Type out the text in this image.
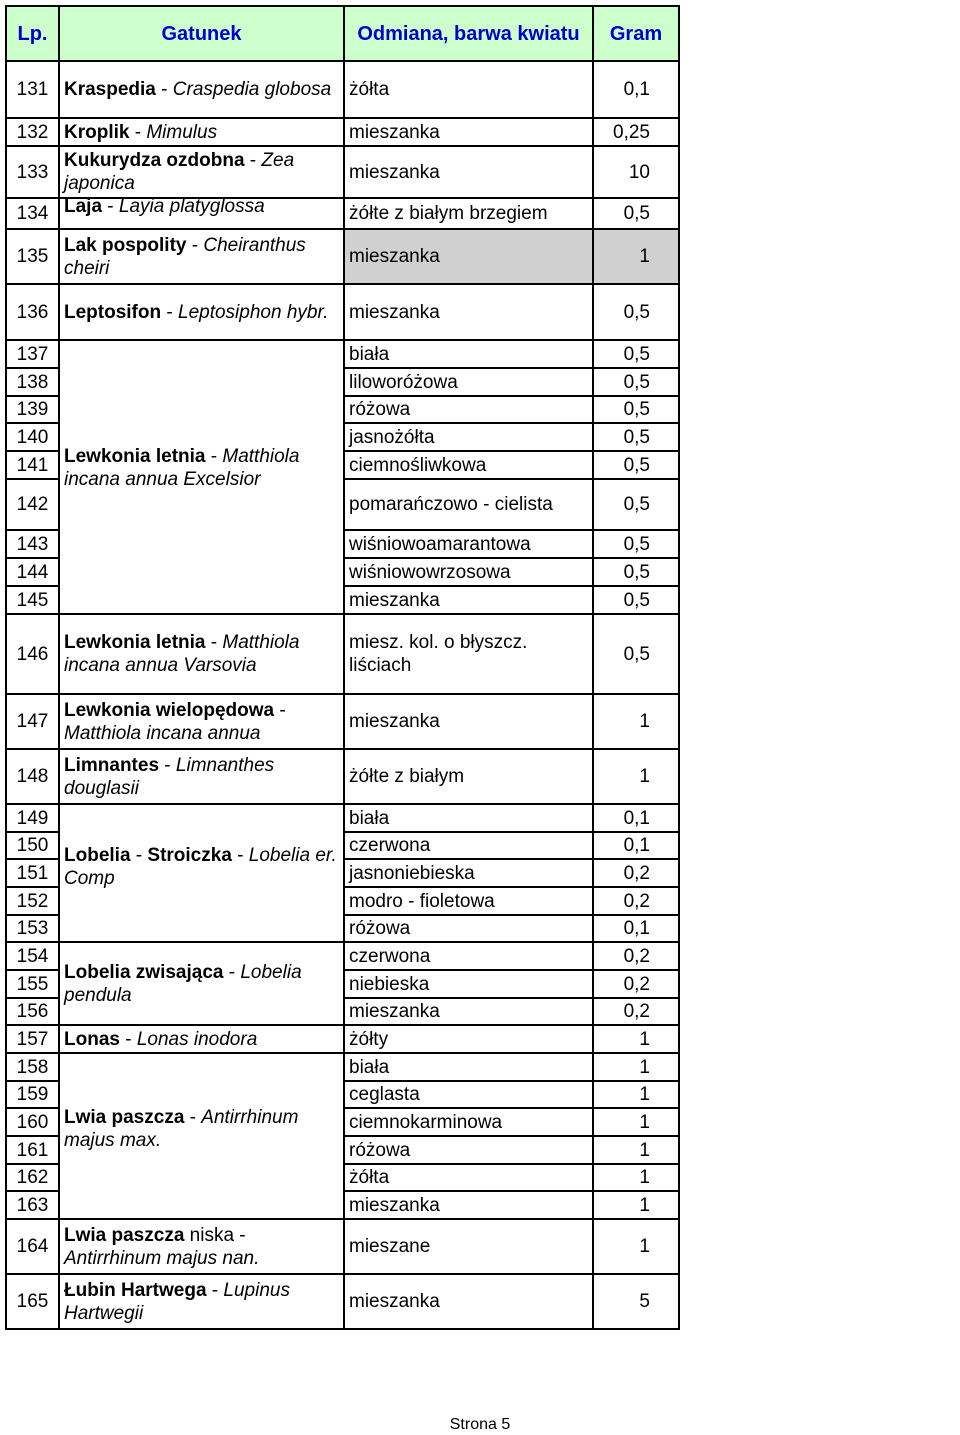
Lp.	Gatunek	Odmiana, barwa kwiatu	Gram
131	Kraspedia - Craspedia globosa	żółta	0,1
132	Kroplik - Mimulus	mieszanka	0,25
133	Kukurydza ozdobna - Zea japonica	mieszanka	10
134	Laja - Layia platyglossa	żółte z białym brzegiem	0,5
135	Lak pospolity - Cheiranthus cheiri	mieszanka	1
136	Leptosifon - Leptosiphon hybr.	mieszanka	0,5
137	Lewkonia letnia - Matthiola incana annua Excelsior	biała	0,5
138		liloworóżowa	0,5
139		różowa	0,5
140		jasnożółta	0,5
141		ciemnośliwkowa	0,5
142		pomarańczowo - cielista	0,5
143		wiśniowoamarantowa	0,5
144		wiśniowowrzosowa	0,5
145		mieszanka	0,5
146	Lewkonia letnia - Matthiola incana annua Varsovia	miesz. kol. o błyszcz. liściach	0,5
147	Lewkonia wielopędowa - Matthiola incana annua	mieszanka	1
148	Limnantes - Limnanthes douglasii	żółte z białym	1
149	Lobelia - Stroiczka - Lobelia er. Comp	biała	0,1
150		czerwona	0,1
151		jasnoniebieska	0,2
152		modro - fioletowa	0,2
153		różowa	0,1
154	Lobelia zwisająca - Lobelia pendula	czerwona	0,2
155		niebieska	0,2
156		mieszanka	0,2
157	Lonas - Lonas inodora	żółty	1
158	Lwia paszcza - Antirrhinum majus max.	biała	1
159		ceglasta	1
160		ciemnokarminowa	1
161		różowa	1
162		żółta	1
163		mieszanka	1
164	Lwia paszcza niska - Antirrhinum majus nan.	mieszane	1
165	Łubin Hartwega - Lupinus Hartwegii	mieszanka	5
Strona 5
